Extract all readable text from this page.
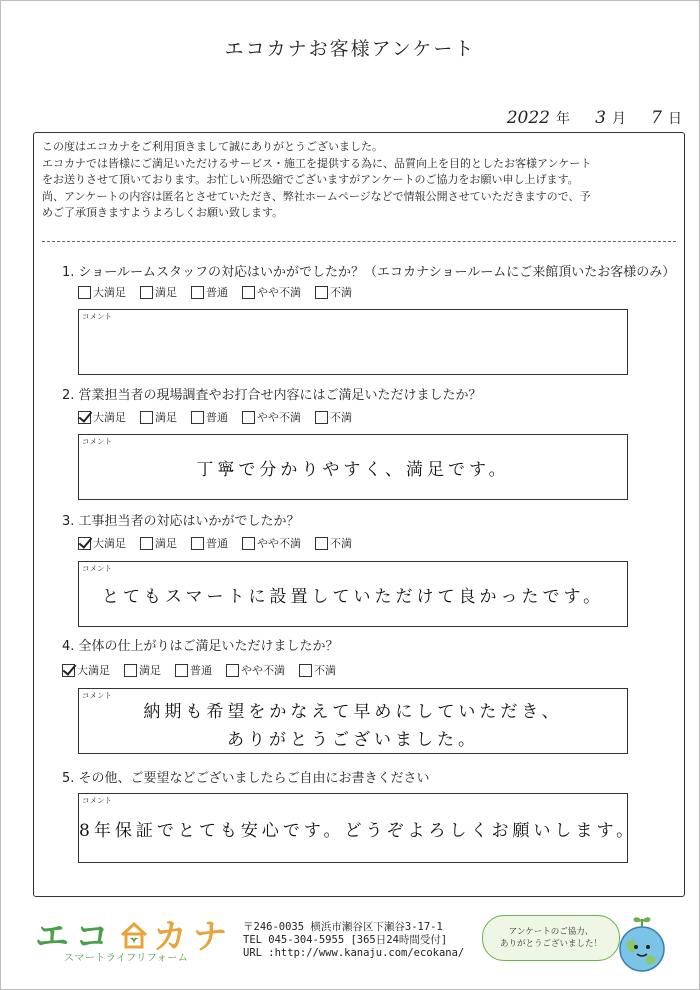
エコカナお客様アンケート
2022 年	3 月	7 日

この度はエコカナをご利用頂きまして誠にありがとうございました。

エコカナでは皆様にご満足いただけるサービス・施工を提供する為に、品質向上を目的としたお客様アンケート

をお送りさせて頂いております。お忙しい所恐縮でございますがアンケートのご協力をお願い申し上げます。

尚、アンケートの内容は匿名とさせていただき、弊社ホームページなどで情報公開させていただきますので、予

めご了承頂きますようよろしくお願い致します。

1. ショールームスタッフの対応はいかがでしたか？（エコカナショールームにご来館頂いたお客様のみ）
大満足	満足	普通	やや不満	不満
コメント
2. 営業担当者の現場調査やお打合せ内容にはご満足いただけましたか？
大満足	満足	普通	やや不満	不満
コメント
丁寧で分かりやすく、満足です。
3. 工事担当者の対応はいかがでしたか？
大満足	満足	普通	やや不満	不満
コメント
とてもスマートに設置していただけて良かったです。
4. 全体の仕上がりはご満足いただけましたか？
大満足	満足	普通	やや不満	不満
コメント
納期も希望をかなえて早めにしていただき、
ありがとうございました。
5. その他、ご要望などございましたらご自由にお書きください
コメント
8年保証でとても安心です。どうぞよろしくお願いします。
エコ カナ
スマートライフリフォーム
〒246-0035 横浜市瀬谷区下瀬谷3-17-1
TEL 045-304-5955 [365日24時間受付]
URL :http://www.kanaju.com/ecokana/
アンケートのご協力、
ありがとうございました！
